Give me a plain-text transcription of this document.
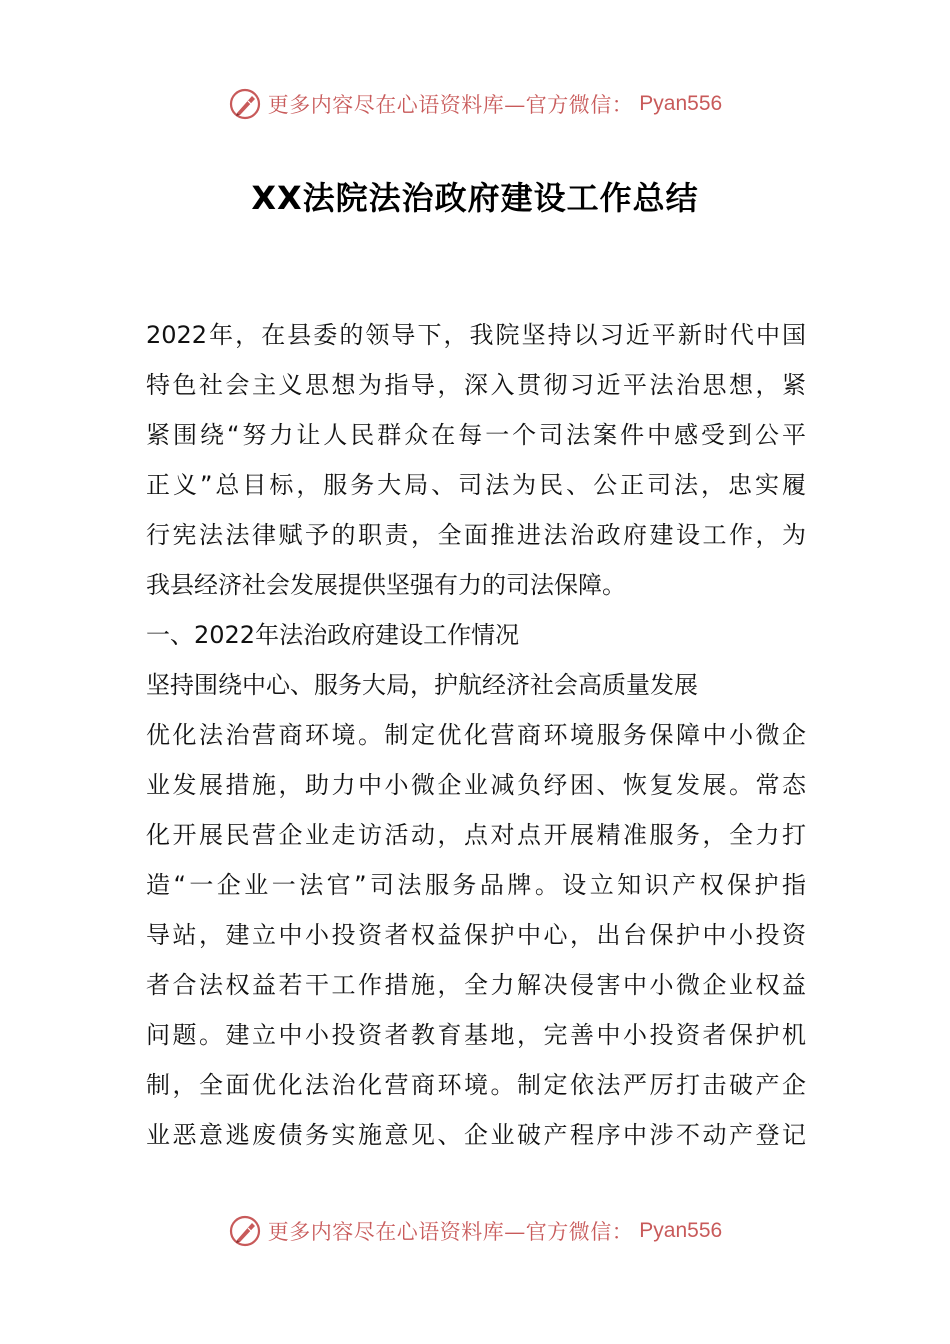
更多内容尽在心语资料库—官方微信： Pyan556
XX法院法治政府建设工作总结
2022年，在县委的领导下，我院坚持以习近平新时代中国
特色社会主义思想为指导，深入贯彻习近平法治思想，紧
紧围绕“努力让人民群众在每一个司法案件中感受到公平
正义”总目标，服务大局、司法为民、公正司法，忠实履
行宪法法律赋予的职责，全面推进法治政府建设工作，为
我县经济社会发展提供坚强有力的司法保障。
一、2022年法治政府建设工作情况
坚持围绕中心、服务大局，护航经济社会高质量发展
优化法治营商环境。制定优化营商环境服务保障中小微企
业发展措施，助力中小微企业减负纾困、恢复发展。常态
化开展民营企业走访活动，点对点开展精准服务，全力打
造“一企业一法官”司法服务品牌。设立知识产权保护指
导站，建立中小投资者权益保护中心，出台保护中小投资
者合法权益若干工作措施，全力解决侵害中小微企业权益
问题。建立中小投资者教育基地，完善中小投资者保护机
制，全面优化法治化营商环境。制定依法严厉打击破产企
业恶意逃废债务实施意见、企业破产程序中涉不动产登记
更多内容尽在心语资料库—官方微信： Pyan556
